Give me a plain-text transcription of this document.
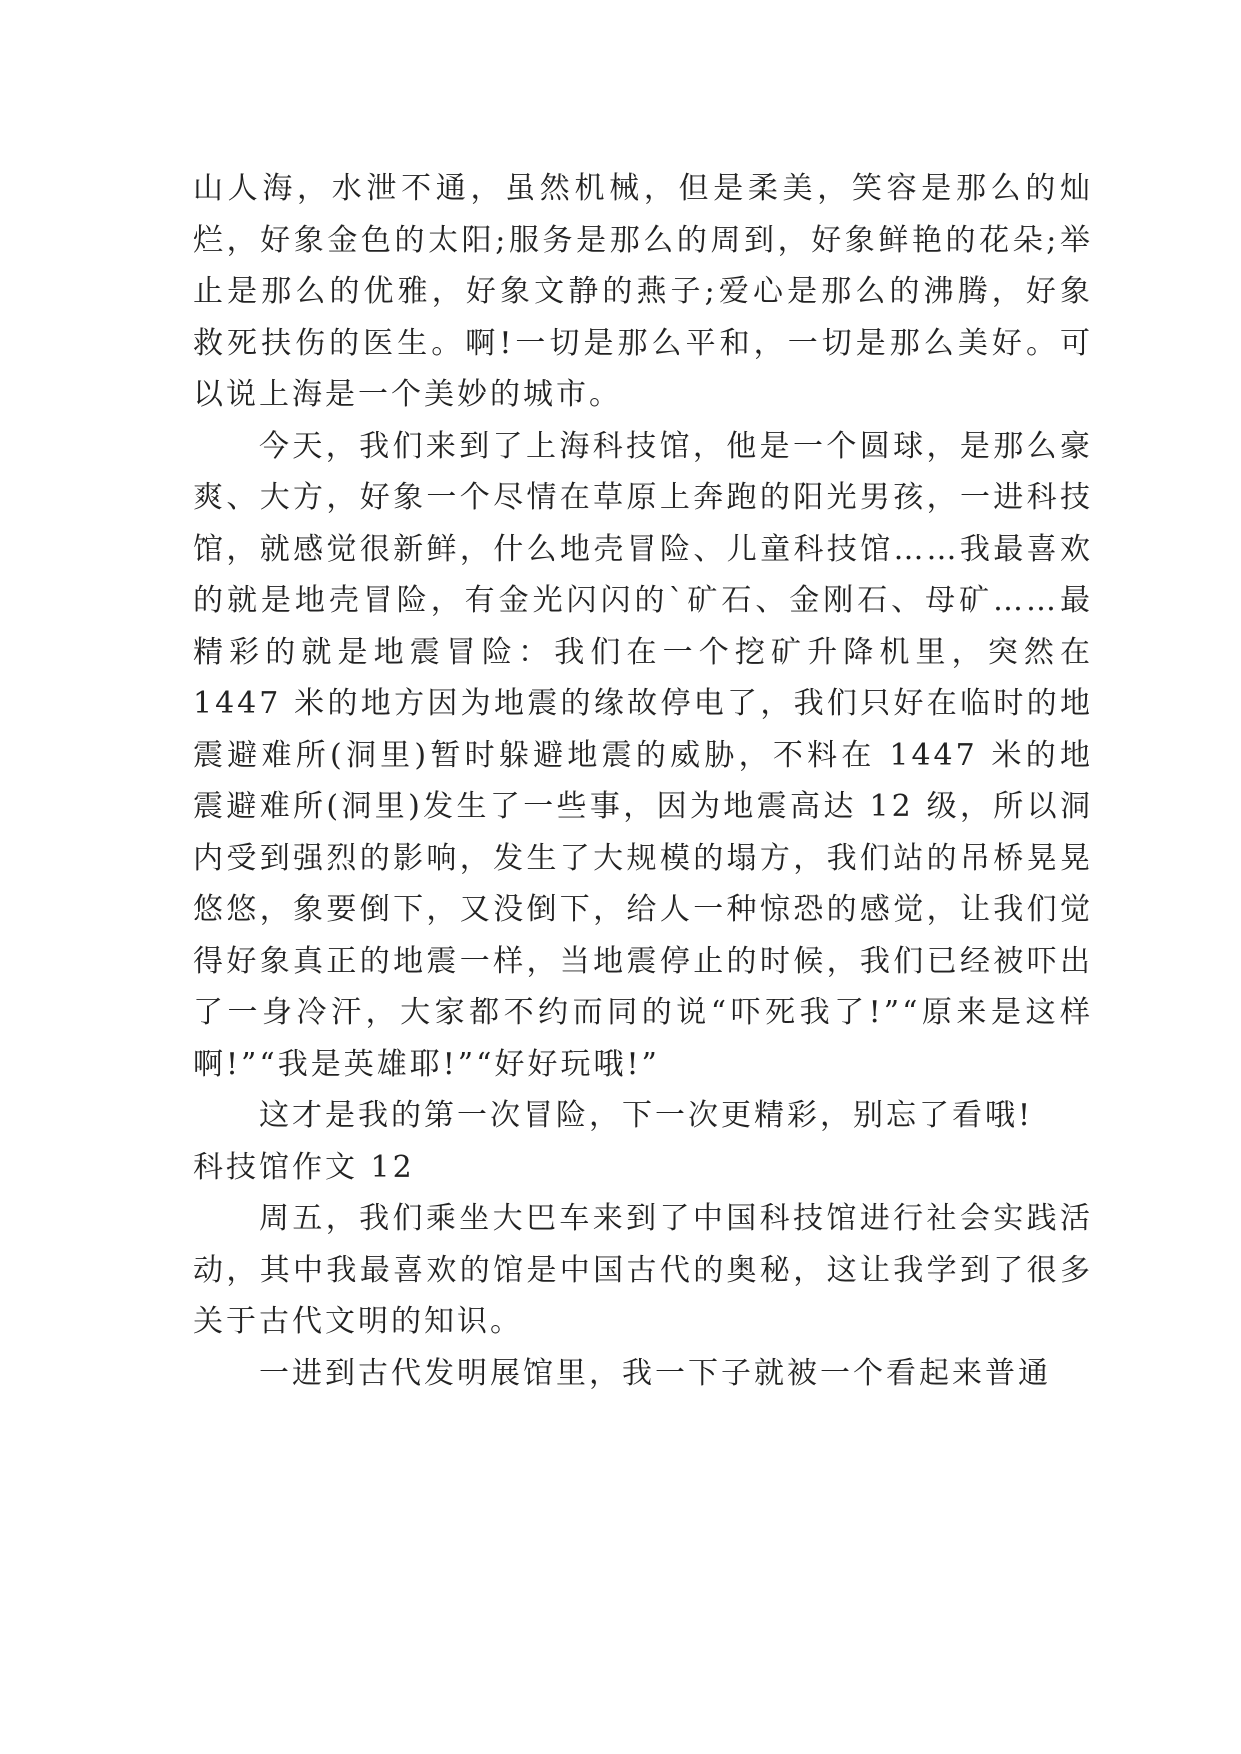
山人海，水泄不通，虽然机械，但是柔美，笑容是那么的灿烂，好象金色的太阳;服务是那么的周到，好象鲜艳的花朵;举止是那么的优雅，好象文静的燕子;爱心是那么的沸腾，好象救死扶伤的医生。啊!一切是那么平和，一切是那么美好。可以说上海是一个美妙的城市。

今天，我们来到了上海科技馆，他是一个圆球，是那么豪爽、大方，好象一个尽情在草原上奔跑的阳光男孩，一进科技馆，就感觉很新鲜，什么地壳冒险、儿童科技馆……我最喜欢的就是地壳冒险，有金光闪闪的`矿石、金刚石、母矿……最精彩的就是地震冒险：我们在一个挖矿升降机里，突然在 1447 米的地方因为地震的缘故停电了，我们只好在临时的地震避难所(洞里)暂时躲避地震的威胁，不料在 1447 米的地震避难所(洞里)发生了一些事，因为地震高达 12 级，所以洞内受到强烈的影响，发生了大规模的塌方，我们站的吊桥晃晃悠悠，象要倒下，又没倒下，给人一种惊恐的感觉，让我们觉得好象真正的地震一样，当地震停止的时候，我们已经被吓出了一身冷汗，大家都不约而同的说“吓死我了!”“原来是这样啊!”“我是英雄耶!”“好好玩哦!”

这才是我的第一次冒险，下一次更精彩，别忘了看哦!

科技馆作文 12

周五，我们乘坐大巴车来到了中国科技馆进行社会实践活动，其中我最喜欢的馆是中国古代的奥秘，这让我学到了很多关于古代文明的知识。

一进到古代发明展馆里，我一下子就被一个看起来普通
